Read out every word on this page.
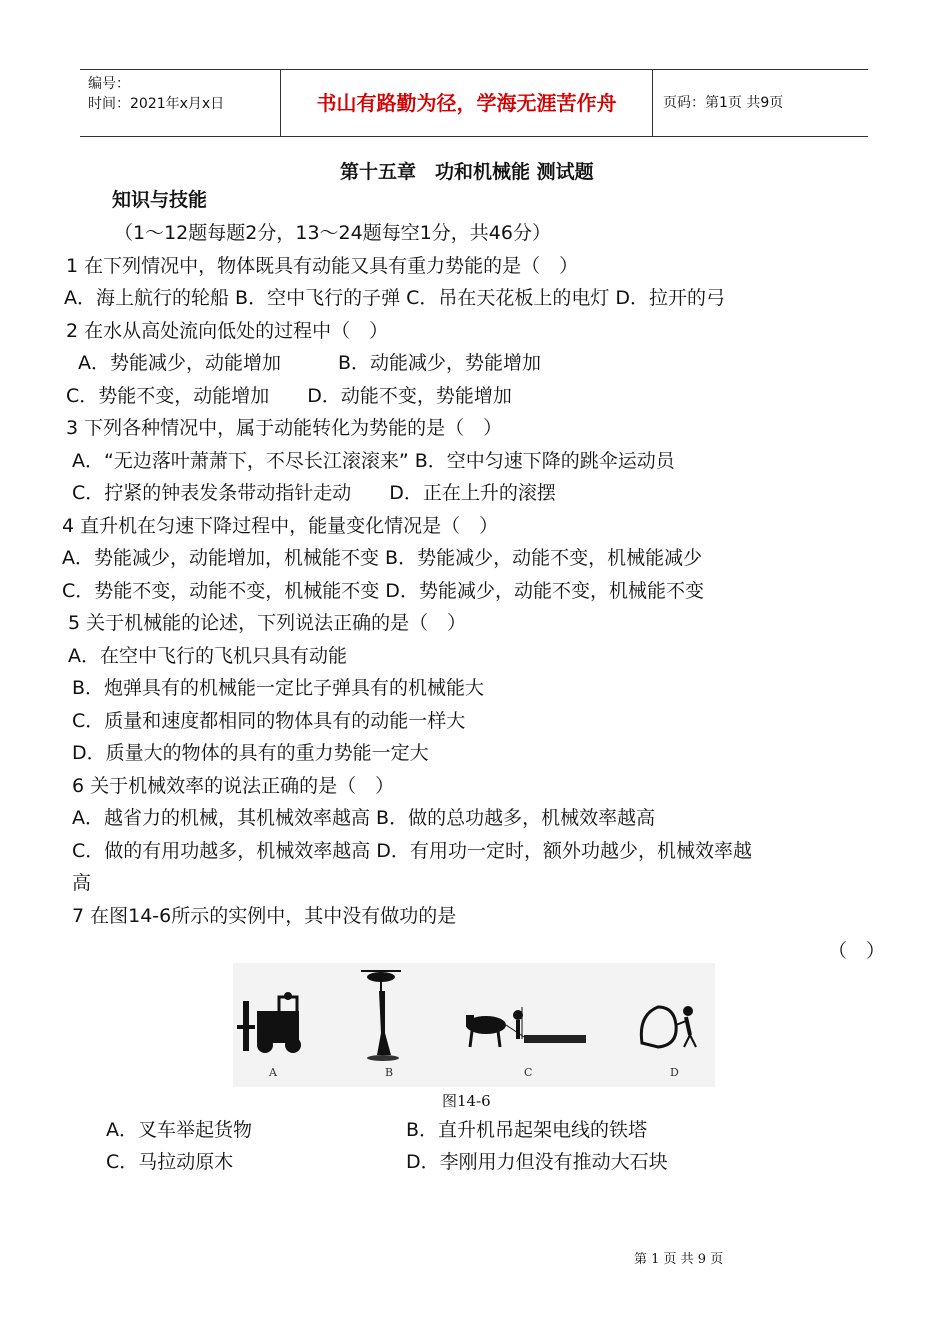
编号：
时间：2021年x月x日	书山有路勤为径，学海无涯苦作舟	页码：第1页 共9页
第十五章　功和机械能 测试题
知识与技能
（1～12题每题2分，13～24题每空1分，共46分）
1 在下列情况中，物体既具有动能又具有重力势能的是（　）
A．海上航行的轮船 B．空中飞行的子弹 C．吊在天花板上的电灯 D．拉开的弓
2 在水从高处流向低处的过程中（　）
A．势能减少，动能增加　　　B．动能减少，势能增加
C．势能不变，动能增加　　D．动能不变，势能增加
3 下列各种情况中，属于动能转化为势能的是（　）
A．“无边落叶萧萧下，不尽长江滚滚来” B．空中匀速下降的跳伞运动员
C．拧紧的钟表发条带动指针走动　　D．正在上升的滚摆
4 直升机在匀速下降过程中，能量变化情况是（　）
A．势能减少，动能增加，机械能不变 B．势能减少，动能不变，机械能减少
C．势能不变，动能不变，机械能不变 D．势能减少，动能不变，机械能不变
5 关于机械能的论述，下列说法正确的是（　）
A．在空中飞行的飞机只具有动能
B．炮弹具有的机械能一定比子弹具有的机械能大
C．质量和速度都相同的物体具有的动能一样大
D．质量大的物体的具有的重力势能一定大
6 关于机械效率的说法正确的是（　）
A．越省力的机械，其机械效率越高 B．做的总功越多，机械效率越高
C．做的有用功越多，机械效率越高 D．有用功一定时，额外功越少，机械效率越
高
7 在图14-6所示的实例中，其中没有做功的是
（　）
A	B	C	D
图14-6
A．叉车举起货物	B．直升机吊起架电线的铁塔
C．马拉动原木	D．李刚用力但没有推动大石块
第 1 页 共 9 页
